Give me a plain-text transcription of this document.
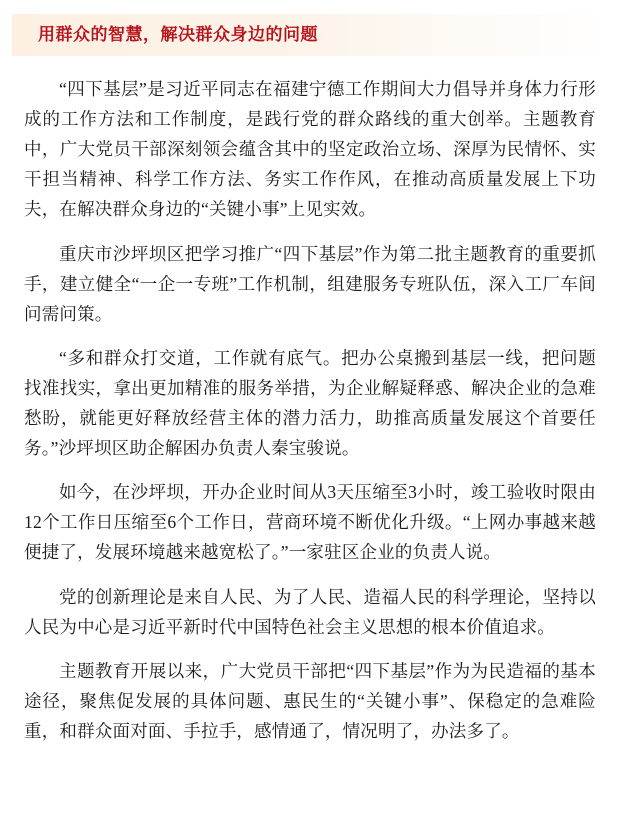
用群众的智慧，解决群众身边的问题

“四下基层”是习近平同志在福建宁德工作期间大力倡导并身体力行形成的工作方法和工作制度，是践行党的群众路线的重大创举。主题教育中，广大党员干部深刻领会蕴含其中的坚定政治立场、深厚为民情怀、实干担当精神、科学工作方法、务实工作作风，在推动高质量发展上下功夫，在解决群众身边的“关键小事”上见实效。

重庆市沙坪坝区把学习推广“四下基层”作为第二批主题教育的重要抓手，建立健全“一企一专班”工作机制，组建服务专班队伍，深入工厂车间问需问策。

“多和群众打交道，工作就有底气。把办公桌搬到基层一线，把问题找准找实，拿出更加精准的服务举措，为企业解疑释惑、解决企业的急难愁盼，就能更好释放经营主体的潜力活力，助推高质量发展这个首要任务。”沙坪坝区助企解困办负责人秦宝骏说。

如今，在沙坪坝，开办企业时间从3天压缩至3小时，竣工验收时限由12个工作日压缩至6个工作日，营商环境不断优化升级。“上网办事越来越便捷了，发展环境越来越宽松了。”一家驻区企业的负责人说。

党的创新理论是来自人民、为了人民、造福人民的科学理论，坚持以人民为中心是习近平新时代中国特色社会主义思想的根本价值追求。

主题教育开展以来，广大党员干部把“四下基层”作为为民造福的基本途径，聚焦促发展的具体问题、惠民生的“关键小事”、保稳定的急难险重，和群众面对面、手拉手，感情通了，情况明了，办法多了。
